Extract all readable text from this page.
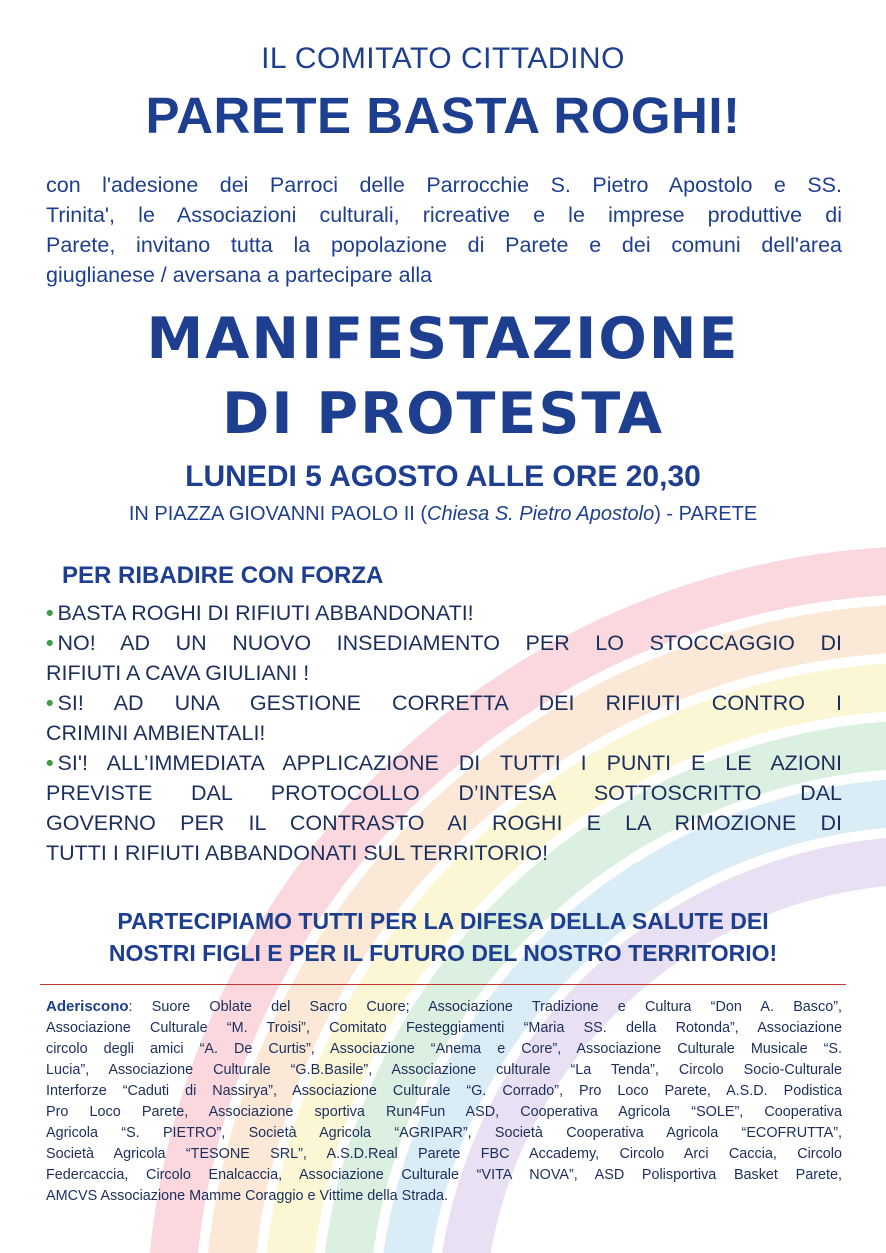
IL COMITATO CITTADINO
PARETE BASTA ROGHI!
con l'adesione dei Parroci delle Parrocchie S. Pietro Apostolo e SS.
Trinita', le Associazioni culturali, ricreative e le imprese produttive di
Parete, invitano tutta la popolazione di Parete e dei comuni dell'area
giuglianese / aversana a partecipare alla
MANIFESTAZIONE
DI PROTESTA
LUNEDI 5 AGOSTO ALLE ORE 20,30
IN PIAZZA GIOVANNI PAOLO II (Chiesa S. Pietro Apostolo) - PARETE
PER RIBADIRE CON FORZA
• BASTA ROGHI DI RIFIUTI ABBANDONATI!
• NO! AD UN NUOVO INSEDIAMENTO PER LO STOCCAGGIO DI
RIFIUTI A CAVA GIULIANI !
• SI! AD UNA GESTIONE CORRETTA DEI RIFIUTI CONTRO I
CRIMINI AMBIENTALI!
• SI'! ALL’IMMEDIATA APPLICAZIONE DI TUTTI I PUNTI E LE AZIONI
PREVISTE DAL PROTOCOLLO D’INTESA SOTTOSCRITTO DAL
GOVERNO PER IL CONTRASTO AI ROGHI E LA RIMOZIONE DI
TUTTI I RIFIUTI ABBANDONATI SUL TERRITORIO!
PARTECIPIAMO TUTTI PER LA DIFESA DELLA SALUTE DEI
NOSTRI FIGLI E PER IL FUTURO DEL NOSTRO TERRITORIO!
Aderiscono: Suore Oblate del Sacro Cuore; Associazione Tradizione e Cultura “Don A. Basco”,
Associazione Culturale “M. Troisi”, Comitato Festeggiamenti “Maria SS. della Rotonda”, Associazione
circolo degli amici “A. De Curtis”, Associazione “Anema e Core”, Associazione Culturale Musicale “S.
Lucia”, Associazione Culturale “G.B.Basile”, Associazione culturale “La Tenda”, Circolo Socio-Culturale
Interforze “Caduti di Nassirya”, Associazione Culturale “G. Corrado”, Pro Loco Parete, A.S.D. Podistica
Pro Loco Parete, Associazione sportiva Run4Fun ASD, Cooperativa Agricola “SOLE”, Cooperativa
Agricola “S. PIETRO”, Società Agricola “AGRIPAR”, Società Cooperativa Agricola “ECOFRUTTA”,
Società Agricola “TESONE SRL”, A.S.D.Real Parete FBC Accademy, Circolo Arci Caccia, Circolo
Federcaccia, Circolo Enalcaccia, Associazione Culturale “VITA NOVA”, ASD Polisportiva Basket Parete,
AMCVS Associazione Mamme Coraggio e Vittime della Strada.
